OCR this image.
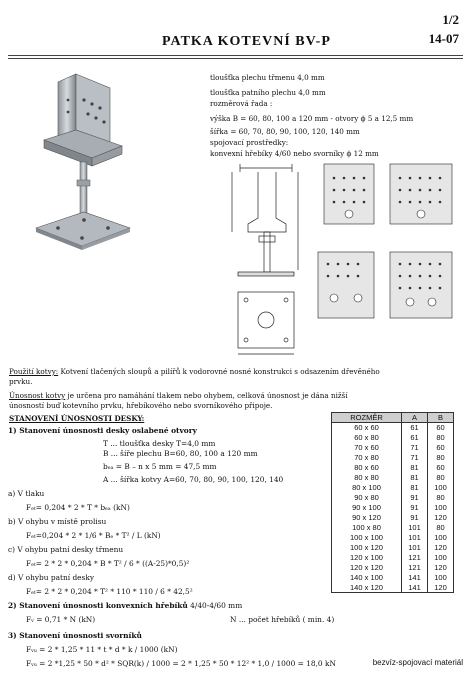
1/2
14-07
PATKA KOTEVNÍ BV-P
tloušťka plechu třmenu 4,0 mm
tloušťka patního plechu 4,0 mm
rozměrová řada :
výška B = 60, 80, 100 a 120 mm - otvory ϕ 5 a 12,5 mm
šířka = 60, 70, 80, 90, 100, 120, 140 mm
spojovací prostředky:
konvexní hřebíky 4/60 nebo svorníky ϕ 12 mm
Použití kotvy: Kotvení tlačených sloupů a pilířů k vodorovné nosné konstrukci s odsazením dřevěného prvku.
Únosnost kotvy je určena pro namáhání tlakem nebo ohybem, celková únosnost je dána nižší únosností buď kotevního prvku, hřebíkového nebo svorníkového připoje.
STANOVENÍ ÚNOSNOSTI DESKY:
1) Stanovení únosnosti desky oslabené otvory
T ... tloušťka desky T=4,0 mm
B ... šíře plechu B=60, 80, 100 a 120 mm
bₑₐ = B – n x 5 mm = 47,5 mm
A ... šířka kotvy A=60, 70, 80, 90, 100, 120, 140
a) V tlaku
Fₑₜ= 0,204 * 2 * T * bₑₐ (kN)
b) V ohybu v místě prolisu
Fₑₜ=0,204 * 2 * 1/6 * Bₑ * T² / L (kN)
c) V ohybu patní desky třmenu
Fₑₜ= 2 * 2 * 0,204 * B * T² / 6 * ((A-25)*0,5)²
d) V ohybu patní desky
Fₑₜ= 2 * 2 * 0,204 * T² * 110 * 110 / 6 * 42,5²
2) Stanovení únosnosti konvexních hřebíků 4/40-4/60 mm
Fᵥ = 0,71 * N (kN)	N ... počet hřebíků ( min. 4)
3) Stanovení únosnosti svorníků
Fᵥᵤ = 2 * 1,25 * 11 * t * d * k / 1000 (kN)
Fᵥᵤ = 2 *1,25 * 50 * d² * SQR(k) / 1000 = 2 * 1,25 * 50 * 12² * 1,0 / 1000 = 18,0 kN
ROZMĚR	A	B
60 x 60	61	60
60 x 80	61	80
70 x 60	71	60
70 x 80	71	80
80 x 60	81	60
80 x 80	81	80
80 x 100	81	100
90 x 80	91	80
90 x 100	91	100
90 x 120	91	120
100 x 80	101	80
100 x 100	101	100
100 x 120	101	120
120 x 100	121	100
120 x 120	121	120
140 x 100	141	100
140 x 120	141	120
bezvíz-spojovací materiál
